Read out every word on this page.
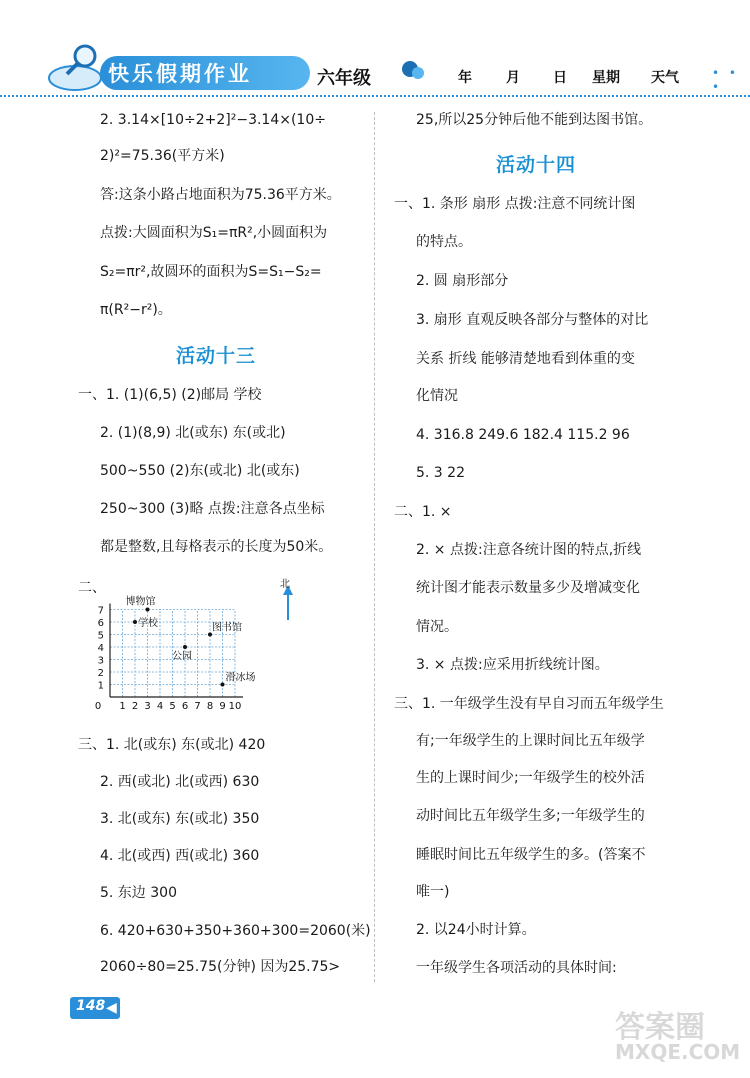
快乐假期作业	六年级	年 月 日 星期 天气	• • •
2. 3.14×[10÷2+2]²−3.14×(10÷
2)²=75.36(平方米)
答:这条小路占地面积为75.36平方米。
点拨:大圆面积为S₁=πR²,小圆面积为
S₂=πr²,故圆环的面积为S=S₁−S₂=
π(R²−r²)。
活动十三
一、1. (1)(6,5) (2)邮局 学校
2. (1)(8,9) 北(或东) 东(或北)
500~550 (2)东(或北) 北(或东)
250~300 (3)略 点拨:注意各点坐标
都是整数,且每格表示的长度为50米。
二、
0 1 2 3 4 5 6 7 8 9 10
1
2
3
4
5
6
7
博物馆
学校	图书馆
公园
滑冰场
北
三、1. 北(或东) 东(或北) 420
2. 西(或北) 北(或西) 630
3. 北(或东) 东(或北) 350
4. 北(或西) 西(或北) 360
5. 东边 300
6. 420+630+350+360+300=2060(米)
2060÷80=25.75(分钟) 因为25.75>
25,所以25分钟后他不能到达图书馆。
活动十四
一、1. 条形 扇形 点拨:注意不同统计图
的特点。
2. 圆 扇形部分
3. 扇形 直观反映各部分与整体的对比
关系 折线 能够清楚地看到体重的变
化情况
4. 316.8 249.6 182.4 115.2 96
5. 3 22
二、1. ×
2. × 点拨:注意各统计图的特点,折线
统计图才能表示数量多少及增减变化
情况。
3. × 点拨:应采用折线统计图。
三、1. 一年级学生没有早自习而五年级学生
有;一年级学生的上课时间比五年级学
生的上课时间少;一年级学生的校外活
动时间比五年级学生多;一年级学生的
睡眠时间比五年级学生的多。(答案不
唯一)
2. 以24小时计算。
一年级学生各项活动的具体时间:
148 ◀
答案圈
MXQE.COM
